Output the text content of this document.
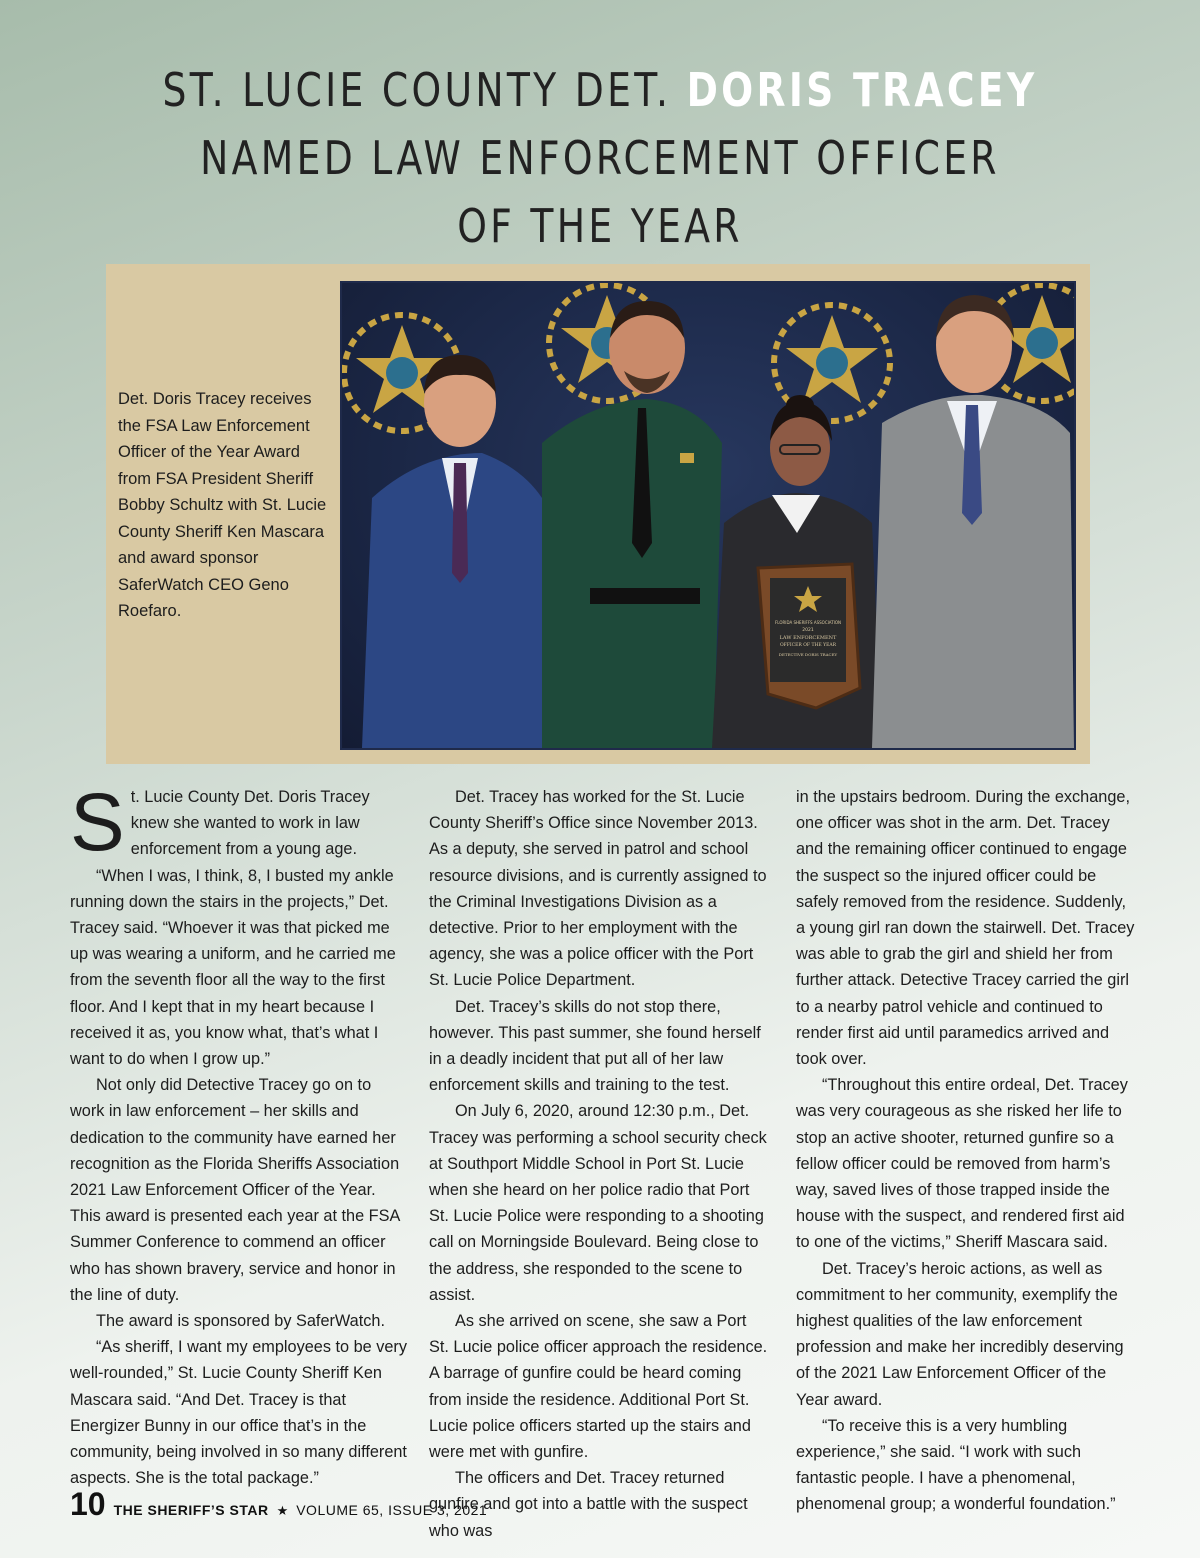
ST. LUCIE COUNTY DET. DORIS TRACEY
NAMED LAW ENFORCEMENT OFFICER
OF THE YEAR
Det. Doris Tracey receives the FSA Law Enforcement Officer of the Year Award from FSA President Sheriff Bobby Schultz with St. Lucie County Sheriff Ken Mascara and award sponsor SaferWatch CEO Geno Roefaro.
FLORIDA SHERIFFS ASSOCIATION
2021
LAW ENFORCEMENT
OFFICER OF THE YEAR
DETECTIVE DORIS TRACEY

St. Lucie County Det. Doris Tracey knew she wanted to work in law enforcement from a young age.

“When I was, I think, 8, I busted my ankle running down the stairs in the projects,” Det. Tracey said. “Whoever it was that picked me up was wearing a uniform, and he carried me from the seventh floor all the way to the first floor. And I kept that in my heart because I received it as, you know what, that’s what I want to do when I grow up.”

Not only did Detective Tracey go on to work in law enforcement – her skills and dedication to the community have earned her recognition as the Florida Sheriffs Association 2021 Law Enforcement Officer of the Year. This award is presented each year at the FSA Summer Conference to commend an officer who has shown bravery, service and honor in the line of duty.

The award is sponsored by SaferWatch.

“As sheriff, I want my employees to be very well-rounded,” St. Lucie County Sheriff Ken Mascara said. “And Det. Tracey is that Energizer Bunny in our office that’s in the community, being involved in so many different aspects. She is the total package.”

Det. Tracey has worked for the St. Lucie County Sheriff’s Office since November 2013. As a deputy, she served in patrol and school resource divisions, and is currently assigned to the Criminal Investigations Division as a detective. Prior to her employment with the agency, she was a police officer with the Port St. Lucie Police Department.

Det. Tracey’s skills do not stop there, however. This past summer, she found herself in a deadly incident that put all of her law enforcement skills and training to the test.

On July 6, 2020, around 12:30 p.m., Det. Tracey was performing a school security check at Southport Middle School in Port St. Lucie when she heard on her police radio that Port St. Lucie Police were responding to a shooting call on Morningside Boulevard. Being close to the address, she responded to the scene to assist.

As she arrived on scene, she saw a Port St. Lucie police officer approach the residence. A barrage of gunfire could be heard coming from inside the residence. Additional Port St. Lucie police officers started up the stairs and were met with gunfire.

The officers and Det. Tracey returned gunfire and got into a battle with the suspect who was

in the upstairs bedroom. During the exchange, one officer was shot in the arm. Det. Tracey and the remaining officer continued to engage the suspect so the injured officer could be safely removed from the residence. Suddenly, a young girl ran down the stairwell. Det. Tracey was able to grab the girl and shield her from further attack. Detective Tracey carried the girl to a nearby patrol vehicle and continued to render first aid until paramedics arrived and took over.

“Throughout this entire ordeal, Det. Tracey was very courageous as she risked her life to stop an active shooter, returned gunfire so a fellow officer could be removed from harm’s way, saved lives of those trapped inside the house with the suspect, and rendered first aid to one of the victims,” Sheriff Mascara said.

Det. Tracey’s heroic actions, as well as commitment to her community, exemplify the highest qualities of the law enforcement profession and make her incredibly deserving of the 2021 Law Enforcement Officer of the Year award.

“To receive this is a very humbling experience,” she said. “I work with such fantastic people. I have a phenomenal, phenomenal group; a wonderful foundation.”

10 THE SHERIFF’S STAR ★ VOLUME 65, ISSUE 3, 2021
